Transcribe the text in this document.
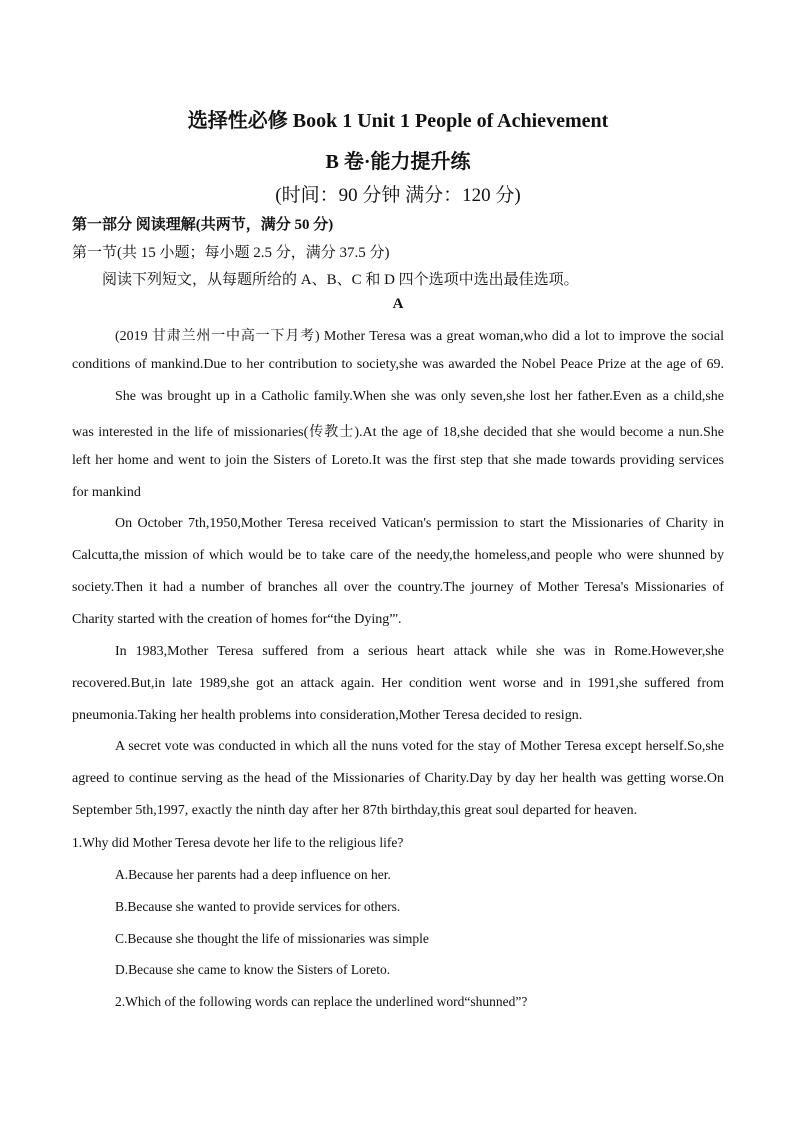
选择性必修 Book 1 Unit 1 People of Achievement
B 卷·能力提升练
(时间：90 分钟 满分：120 分)
第一部分 阅读理解(共两节，满分 50 分)
第一节(共 15 小题；每小题 2.5 分，满分 37.5 分)
阅读下列短文，从每题所给的 A、B、C 和 D 四个选项中选出最佳选项。
A
(2019 甘肃兰州一中高一下月考) Mother Teresa was a great woman,who did a lot to improve the social
conditions of mankind.Due to her contribution to society,she was awarded the Nobel Peace Prize at the age of 69.
She was brought up in a Catholic family.When she was only seven,she lost her father.Even as a child,she
was interested in the life of missionaries(传教士).At the age of 18,she decided that she would become a nun.She
left her home and went to join the Sisters of Loreto.It was the first step that she made towards providing services
for mankind
On October 7th,1950,Mother Teresa received Vatican's permission to start the Missionaries of Charity in
Calcutta,the mission of which would be to take care of the needy,the homeless,and people who were shunned by
society.Then it had a number of branches all over the country.The journey of Mother Teresa's Missionaries of
Charity started with the creation of homes for“the Dying”'.
In 1983,Mother Teresa suffered from a serious heart attack while she was in Rome.However,she
recovered.But,in late 1989,she got an attack again. Her condition went worse and in 1991,she suffered from
pneumonia.Taking her health problems into consideration,Mother Teresa decided to resign.
A secret vote was conducted in which all the nuns voted for the stay of Mother Teresa except herself.So,she
agreed to continue serving as the head of the Missionaries of Charity.Day by day her health was getting worse.On
September 5th,1997, exactly the ninth day after her 87th birthday,this great soul departed for heaven.
1.Why did Mother Teresa devote her life to the religious life?
A.Because her parents had a deep influence on her.
B.Because she wanted to provide services for others.
C.Because she thought the life of missionaries was simple
D.Because she came to know the Sisters of Loreto.
2.Which of the following words can replace the underlined word“shunned”?
